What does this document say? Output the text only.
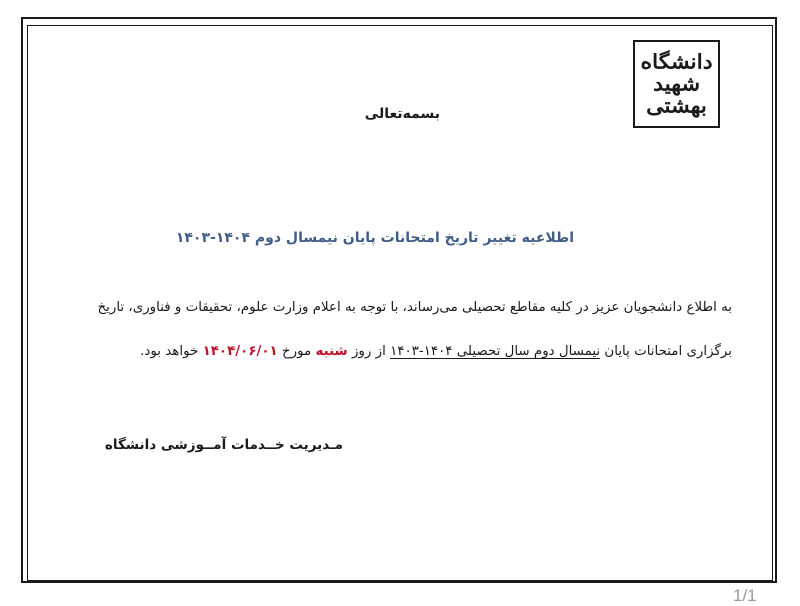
دانشگاه
شهید
بهشتی
بسمه‌تعالی
اطلاعیه تغییر تاریخ امتحانات پایان نیمسال دوم ۱۴۰۴-۱۴۰۳
به اطلاع دانشجویان عزیز در کلیه مقاطع تحصیلی می‌رساند، با توجه به اعلام وزارت علوم، تحقیقات و فناوری، تاریخ
برگزاری امتحانات پایان نیمسال دوم سال تحصیلی ۱۴۰۴-۱۴۰۳ از روز شنبه مورخ ۱۴۰۴/۰۶/۰۱ خواهد بود.
مـدیریت خــدمات آمــوزشی دانشگاه
1/1
